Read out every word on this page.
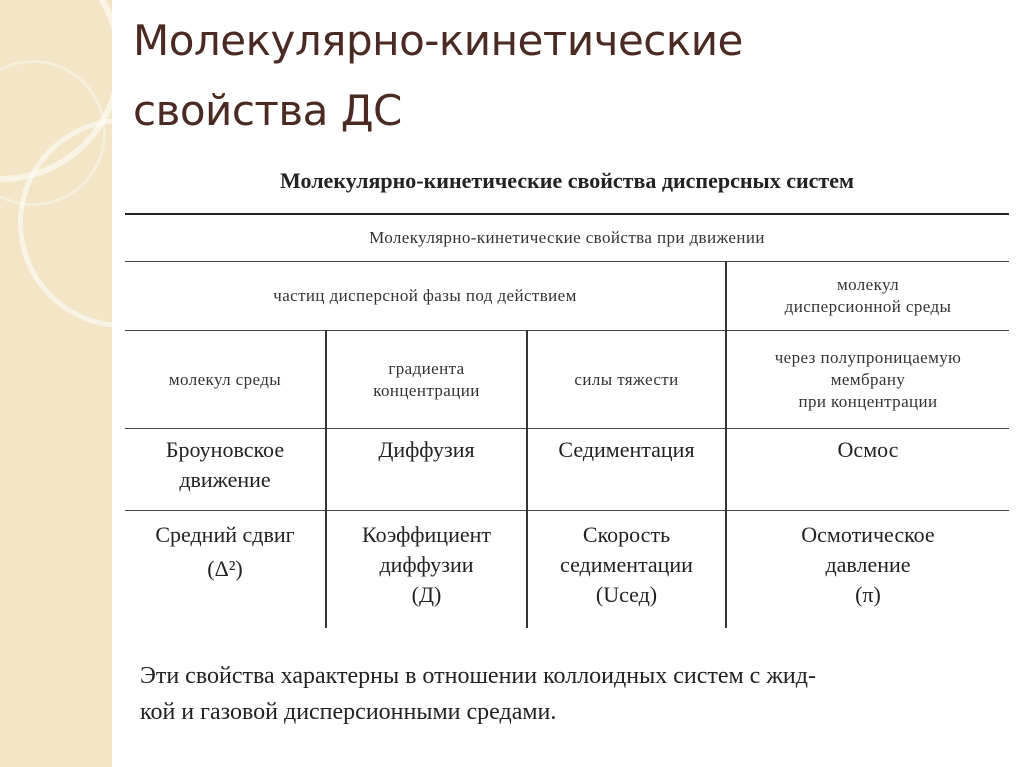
Молекулярно-кинетические
свойства ДС
Молекулярно-кинетические свойства дисперсных систем
Молекулярно-кинетические свойства при движении
частиц дисперсной фазы под действием
молекул
дисперсионной среды
молекул среды
градиента
концентрации
силы тяжести
через полупроницаемую
мембрану
при концентрации
Броуновское
движение
Диффузия	Седиментация	Осмос
Средний сдвиг
(Δ²)
Коэффициент
диффузии
(Д)
Скорость
седиментации
(Uсед)
Осмотическое
давление
(π)
Эти свойства характерны в отношении коллоидных систем с жид-
кой и газовой дисперсионными средами.
